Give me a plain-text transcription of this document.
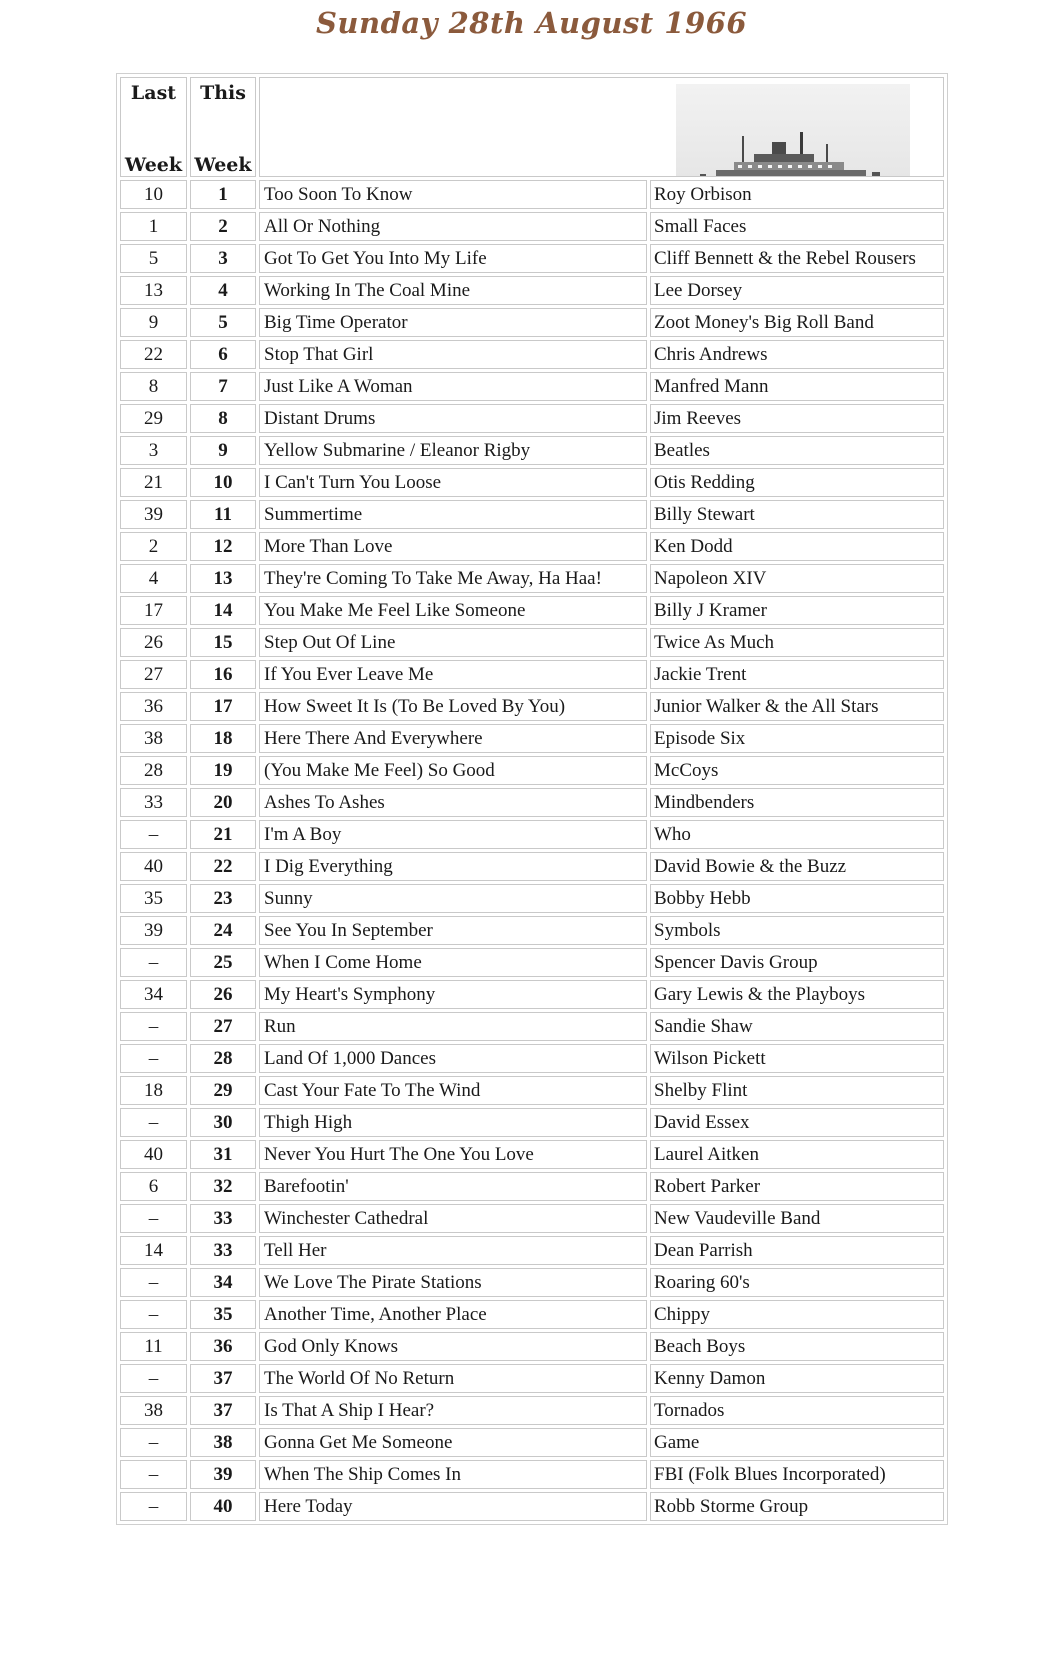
Sunday 28th August 1966
Last
Week	This
Week

10	1	Too Soon To Know	Roy Orbison
1	2	All Or Nothing	Small Faces
5	3	Got To Get You Into My Life	Cliff Bennett & the Rebel Rousers
13	4	Working In The Coal Mine	Lee Dorsey
9	5	Big Time Operator	Zoot Money's Big Roll Band
22	6	Stop That Girl	Chris Andrews
8	7	Just Like A Woman	Manfred Mann
29	8	Distant Drums	Jim Reeves
3	9	Yellow Submarine / Eleanor Rigby	Beatles
21	10	I Can't Turn You Loose	Otis Redding
39	11	Summertime	Billy Stewart
2	12	More Than Love	Ken Dodd
4	13	They're Coming To Take Me Away, Ha Haa!	Napoleon XIV
17	14	You Make Me Feel Like Someone	Billy J Kramer
26	15	Step Out Of Line	Twice As Much
27	16	If You Ever Leave Me	Jackie Trent
36	17	How Sweet It Is (To Be Loved By You)	Junior Walker & the All Stars
38	18	Here There And Everywhere	Episode Six
28	19	(You Make Me Feel) So Good	McCoys
33	20	Ashes To Ashes	Mindbenders
–	21	I'm A Boy	Who
40	22	I Dig Everything	David Bowie & the Buzz
35	23	Sunny	Bobby Hebb
39	24	See You In September	Symbols
–	25	When I Come Home	Spencer Davis Group
34	26	My Heart's Symphony	Gary Lewis & the Playboys
–	27	Run	Sandie Shaw
–	28	Land Of 1,000 Dances	Wilson Pickett
18	29	Cast Your Fate To The Wind	Shelby Flint
–	30	Thigh High	David Essex
40	31	Never You Hurt The One You Love	Laurel Aitken
6	32	Barefootin'	Robert Parker
–	33	Winchester Cathedral	New Vaudeville Band
14	33	Tell Her	Dean Parrish
–	34	We Love The Pirate Stations	Roaring 60's
–	35	Another Time, Another Place	Chippy
11	36	God Only Knows	Beach Boys
–	37	The World Of No Return	Kenny Damon
38	37	Is That A Ship I Hear?	Tornados
–	38	Gonna Get Me Someone	Game
–	39	When The Ship Comes In	FBI (Folk Blues Incorporated)
–	40	Here Today	Robb Storme Group
